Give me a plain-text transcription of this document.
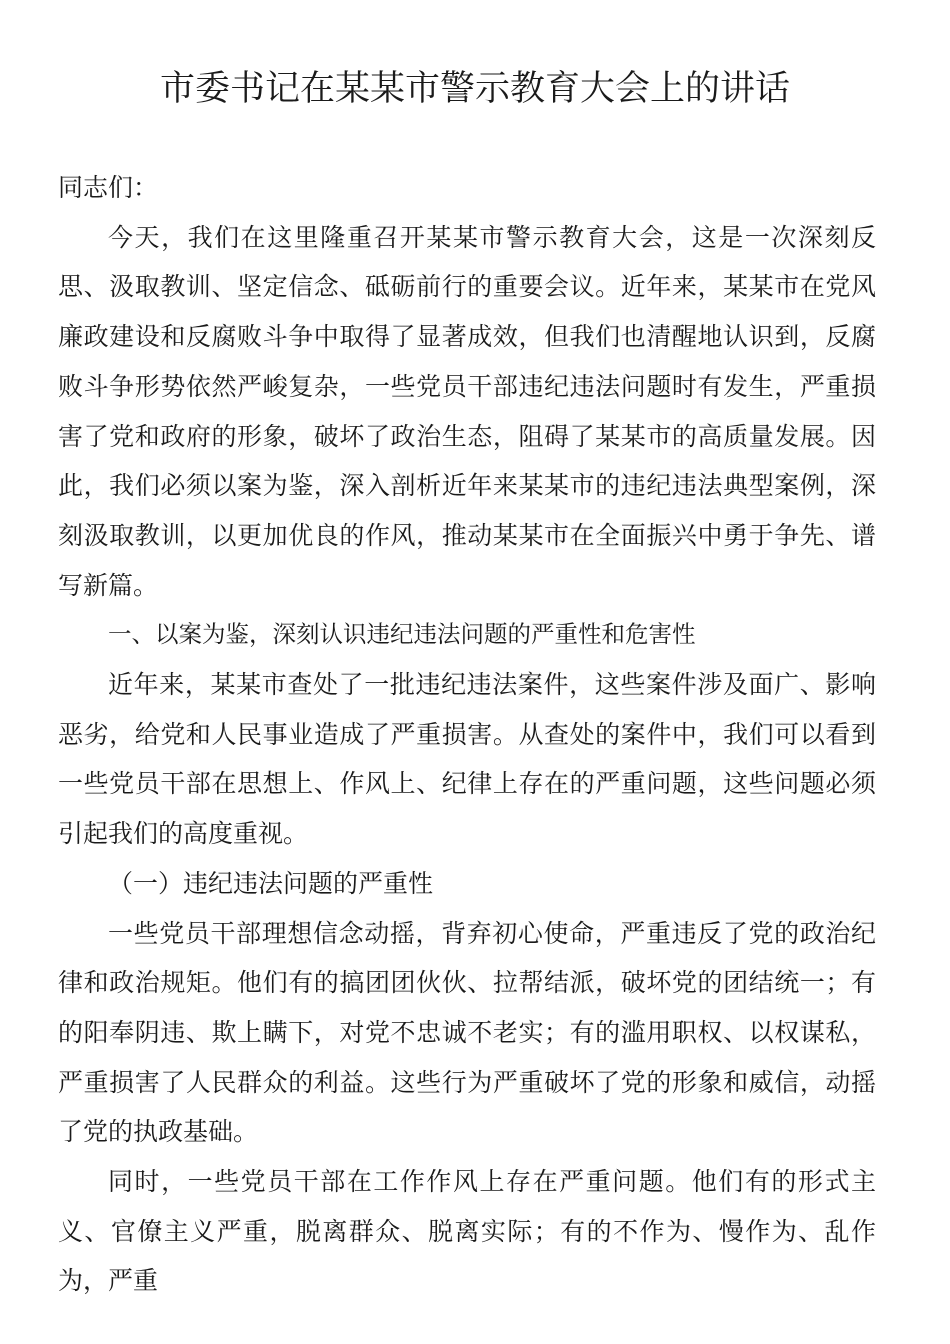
市委书记在某某市警示教育大会上的讲话

同志们：

今天，我们在这里隆重召开某某市警示教育大会，这是一次深刻反思、汲取教训、坚定信念、砥砺前行的重要会议。近年来，某某市在党风廉政建设和反腐败斗争中取得了显著成效，但我们也清醒地认识到，反腐败斗争形势依然严峻复杂，一些党员干部违纪违法问题时有发生，严重损害了党和政府的形象，破坏了政治生态，阻碍了某某市的高质量发展。因此，我们必须以案为鉴，深入剖析近年来某某市的违纪违法典型案例，深刻汲取教训，以更加优良的作风，推动某某市在全面振兴中勇于争先、谱写新篇。

一、以案为鉴，深刻认识违纪违法问题的严重性和危害性

近年来，某某市查处了一批违纪违法案件，这些案件涉及面广、影响恶劣，给党和人民事业造成了严重损害。从查处的案件中，我们可以看到一些党员干部在思想上、作风上、纪律上存在的严重问题，这些问题必须引起我们的高度重视。

（一）违纪违法问题的严重性

一些党员干部理想信念动摇，背弃初心使命，严重违反了党的政治纪律和政治规矩。他们有的搞团团伙伙、拉帮结派，破坏党的团结统一；有的阳奉阴违、欺上瞒下，对党不忠诚不老实；有的滥用职权、以权谋私，严重损害了人民群众的利益。这些行为严重破坏了党的形象和威信，动摇了党的执政基础。

同时，一些党员干部在工作作风上存在严重问题。他们有的形式主义、官僚主义严重，脱离群众、脱离实际；有的不作为、慢作为、乱作为，严重
